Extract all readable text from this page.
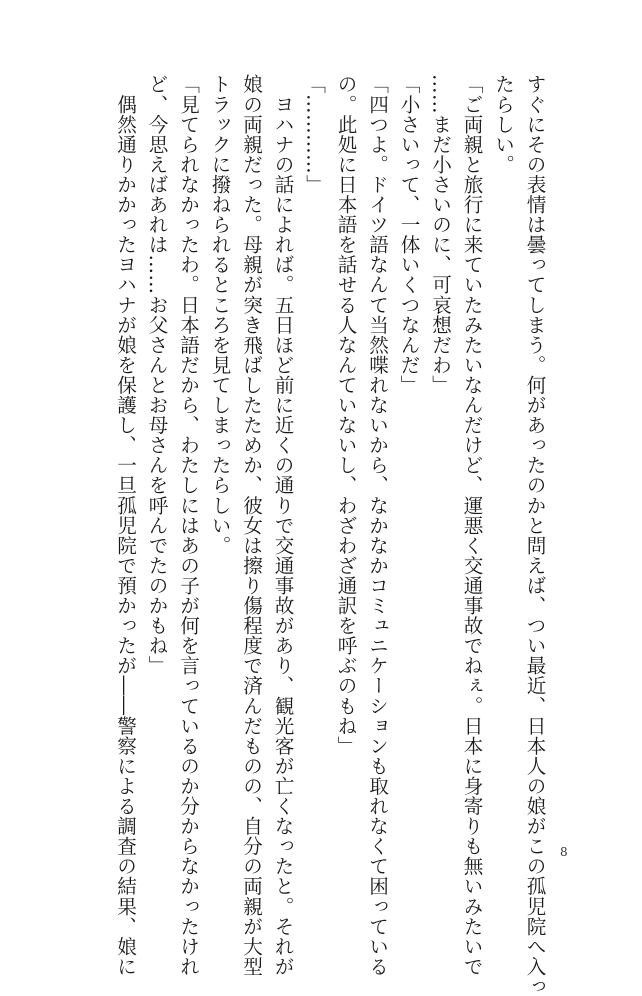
すぐにその表情は曇ってしまう。何があったのかと問えば、つい最近、日本人の娘がこの孤児院へ入っ

たらしい。

「ご両親と旅行に来ていたみたいなんだけど、運悪く交通事故でねぇ。日本に身寄りも無いみたいで

……まだ小さいのに、可哀想だわ」

「小さいって、一体いくつなんだ」

「四つよ。ドイツ語なんて当然喋れないから、なかなかコミュニケーションも取れなくて困っている

の。此処に日本語を話せる人なんていないし、わざわざ通訳を呼ぶのもね」

「…………」

　ヨハナの話によれば。五日ほど前に近くの通りで交通事故があり、観光客が亡くなったと。それが

娘の両親だった。母親が突き飛ばしたためか、彼女は擦り傷程度で済んだものの、自分の両親が大型

トラックに撥ねられるところを見てしまったらしい。

「見てられなかったわ。日本語だから、わたしにはあの子が何を言っているのか分からなかったけれ

ど、今思えばあれは……お父さんとお母さんを呼んでたのかもね」

　偶然通りかかったヨハナが娘を保護し、一旦孤児院で預かったが――警察による調査の結果、娘に	8
